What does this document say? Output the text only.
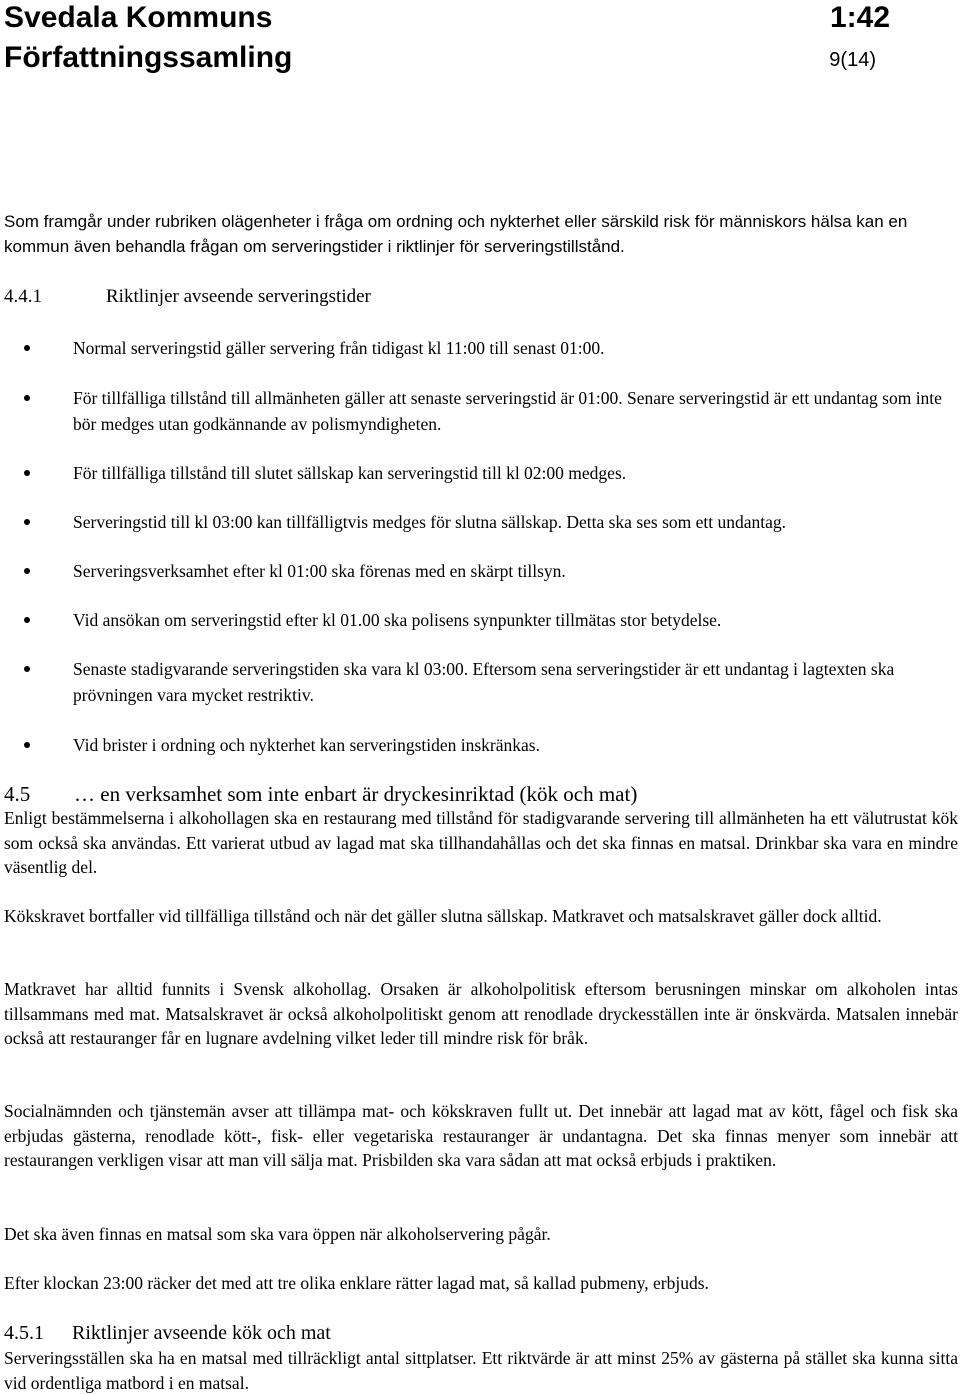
Svedala Kommuns
Författningssamling
1:42
9(14)
Som framgår under rubriken olägenheter i fråga om ordning och nykterhet eller särskild risk för människors hälsa kan en kommun även behandla frågan om serveringstider i riktlinjer för serveringstillstånd.
4.4.1	Riktlinjer avseende serveringstider
Normal serveringstid gäller servering från tidigast kl 11:00 till senast 01:00.
För tillfälliga tillstånd till allmänheten gäller att senaste serveringstid är 01:00. Senare serveringstid är ett undantag som inte bör medges utan godkännande av polismyndigheten.
För tillfälliga tillstånd till slutet sällskap kan serveringstid till kl 02:00 medges.
Serveringstid till kl 03:00 kan tillfälligtvis medges för slutna sällskap. Detta ska ses som ett undantag.
Serveringsverksamhet efter kl 01:00 ska förenas med en skärpt tillsyn.
Vid ansökan om serveringstid efter kl 01.00 ska polisens synpunkter tillmätas stor betydelse.
Senaste stadigvarande serveringstiden ska vara kl 03:00. Eftersom sena serveringstider är ett undantag i lagtexten ska prövningen vara mycket restriktiv.
Vid brister i ordning och nykterhet kan serveringstiden inskränkas.
4.5 … en verksamhet som inte enbart är dryckesinriktad (kök och mat)
Enligt bestämmelserna i alkohollagen ska en restaurang med tillstånd för stadigvarande servering till allmänheten ha ett välutrustat kök som också ska användas. Ett varierat utbud av lagad mat ska tillhandahållas och det ska finnas en matsal. Drinkbar ska vara en mindre väsentlig del.
Kökskravet bortfaller vid tillfälliga tillstånd och när det gäller slutna sällskap. Matkravet och matsalskravet gäller dock alltid.
Matkravet har alltid funnits i Svensk alkohollag. Orsaken är alkoholpolitisk eftersom berusningen minskar om alkoholen intas tillsammans med mat. Matsalskravet är också alkoholpolitiskt genom att renodlade dryckesställen inte är önskvärda. Matsalen innebär också att restauranger får en lugnare avdelning vilket leder till mindre risk för bråk.
Socialnämnden och tjänstemän avser att tillämpa mat- och kökskraven fullt ut. Det innebär att lagad mat av kött, fågel och fisk ska erbjudas gästerna, renodlade kött-, fisk- eller vegetariska restauranger är undantagna. Det ska finnas menyer som innebär att restaurangen verkligen visar att man vill sälja mat. Prisbilden ska vara sådan att mat också erbjuds i praktiken.
Det ska även finnas en matsal som ska vara öppen när alkoholservering pågår.
Efter klockan 23:00 räcker det med att tre olika enklare rätter lagad mat, så kallad pubmeny, erbjuds.
4.5.1 Riktlinjer avseende kök och mat
Serveringsställen ska ha en matsal med tillräckligt antal sittplatser. Ett riktvärde är att minst 25% av gästerna på stället ska kunna sitta vid ordentliga matbord i en matsal.
